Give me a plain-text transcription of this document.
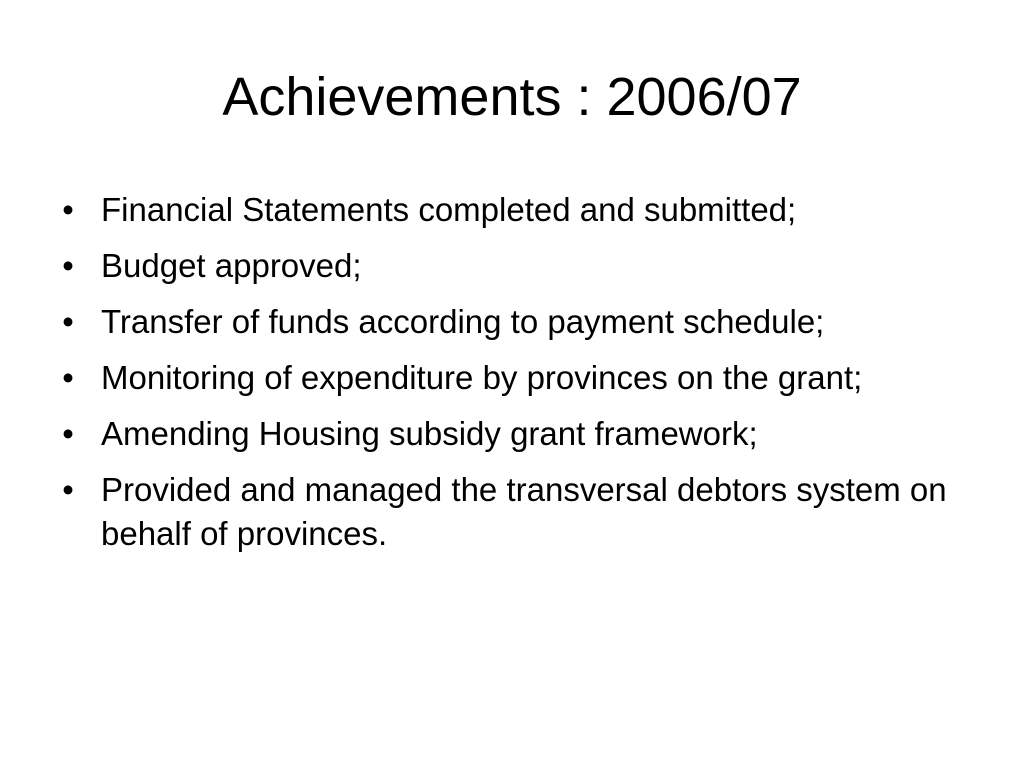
Achievements : 2006/07
• Financial Statements completed and submitted;
• Budget approved;
• Transfer of funds according to payment schedule;
• Monitoring of expenditure by provinces on the grant;
• Amending Housing subsidy grant framework;
• Provided and managed the transversal debtors system on behalf of provinces.
